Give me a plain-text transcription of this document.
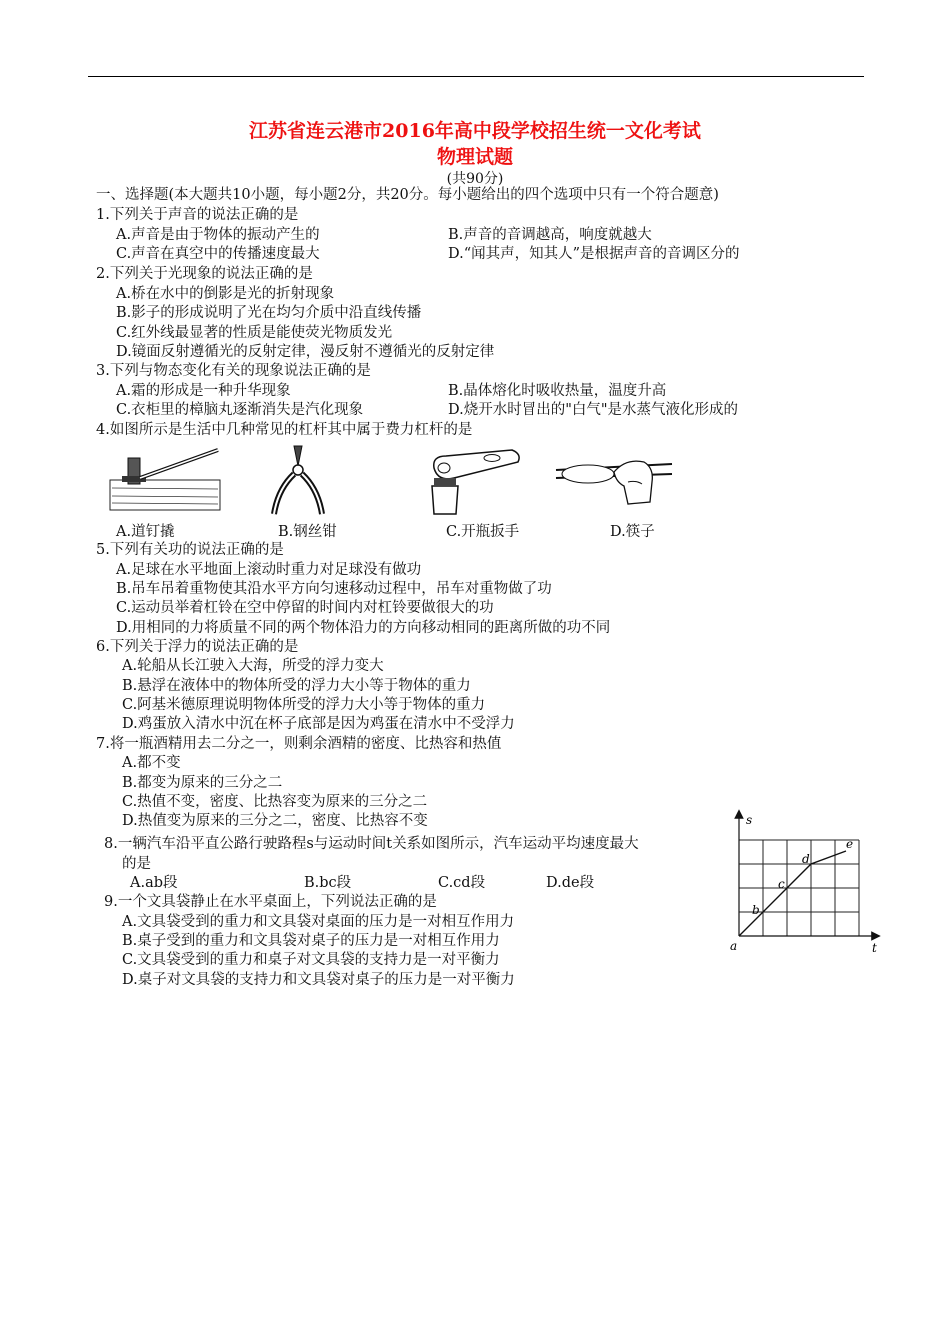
江苏省连云港市2016年高中段学校招生统一文化考试
物理试题
(共90分)
一、选择题(本大题共10小题，每小题2分，共20分。每小题给出的四个选项中只有一个符合题意)
1.下列关于声音的说法正确的是
A.声音是由于物体的振动产生的	B.声音的音调越高，响度就越大
C.声音在真空中的传播速度最大	D.“闻其声，知其人”是根据声音的音调区分的
2.下列关于光现象的说法正确的是
A.桥在水中的倒影是光的折射现象
B.影子的形成说明了光在均匀介质中沿直线传播
C.红外线最显著的性质是能使荧光物质发光
D.镜面反射遵循光的反射定律，漫反射不遵循光的反射定律
3.下列与物态变化有关的现象说法正确的是
A.霜的形成是一种升华现象	B.晶体熔化时吸收热量，温度升高
C.衣柜里的樟脑丸逐渐消失是汽化现象	D.烧开水时冒出的"白气"是水蒸气液化形成的
4.如图所示是生活中几种常见的杠杆其中属于费力杠杆的是
A.道钉撬	B.钢丝钳	C.开瓶扳手	D.筷子
5.下列有关功的说法正确的是
A.足球在水平地面上滚动时重力对足球没有做功
B.吊车吊着重物使其沿水平方向匀速移动过程中，吊车对重物做了功
C.运动员举着杠铃在空中停留的时间内对杠铃要做很大的功
D.用相同的力将质量不同的两个物体沿力的方向移动相同的距离所做的功不同
6.下列关于浮力的说法正确的是
A.轮船从长江驶入大海，所受的浮力变大
B.悬浮在液体中的物体所受的浮力大小等于物体的重力
C.阿基米德原理说明物体所受的浮力大小等于物体的重力
D.鸡蛋放入清水中沉在杯子底部是因为鸡蛋在清水中不受浮力
7.将一瓶酒精用去二分之一，则剩余酒精的密度、比热容和热值
A.都不变
B.都变为原来的三分之二
C.热值不变，密度、比热容变为原来的三分之二
D.热值变为原来的三分之二，密度、比热容不变
8.一辆汽车沿平直公路行驶路程s与运动时间t关系如图所示，汽车运动平均速度最大
的是
A.ab段	B.bc段	C.cd段	D.de段
9.一个文具袋静止在水平桌面上，下列说法正确的是
A.文具袋受到的重力和文具袋对桌面的压力是一对相互作用力
B.桌子受到的重力和文具袋对桌子的压力是一对相互作用力
C.文具袋受到的重力和桌子对文具袋的支持力是一对平衡力
D.桌子对文具袋的支持力和文具袋对桌子的压力是一对平衡力
s
t
a
b
c
d
e
